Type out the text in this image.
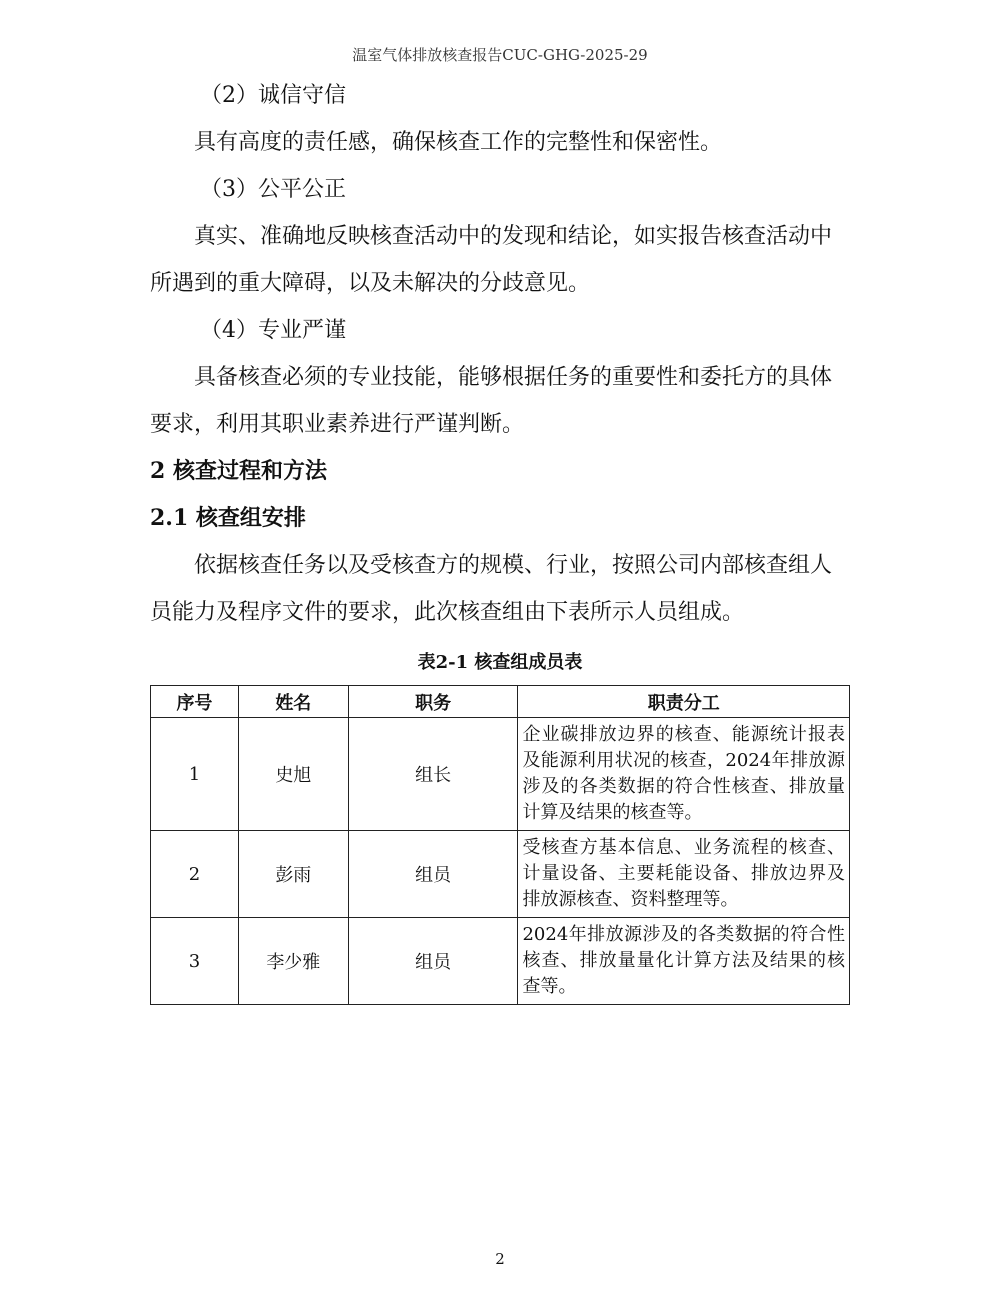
温室气体排放核查报告CUC-GHG-2025-29

（2）诚信守信

具有高度的责任感，确保核查工作的完整性和保密性。

（3）公平公正

真实、准确地反映核查活动中的发现和结论，如实报告核查活动中所遇到的重大障碍，以及未解决的分歧意见。

（4）专业严谨

具备核查必须的专业技能，能够根据任务的重要性和委托方的具体要求，利用其职业素养进行严谨判断。

2 核查过程和方法

2.1 核查组安排

依据核查任务以及受核查方的规模、行业，按照公司内部核查组人员能力及程序文件的要求，此次核查组由下表所示人员组成。

表2-1 核查组成员表
序号	姓名	职务	职责分工
1	史旭	组长	企业碳排放边界的核查、能源统计报表及能源利用状况的核查，2024年排放源涉及的各类数据的符合性核查、排放量计算及结果的核查等。
2	彭雨	组员	受核查方基本信息、业务流程的核查、计量设备、主要耗能设备、排放边界及排放源核查、资料整理等。
3	李少雅	组员	2024年排放源涉及的各类数据的符合性核查、排放量量化计算方法及结果的核查等。
2
